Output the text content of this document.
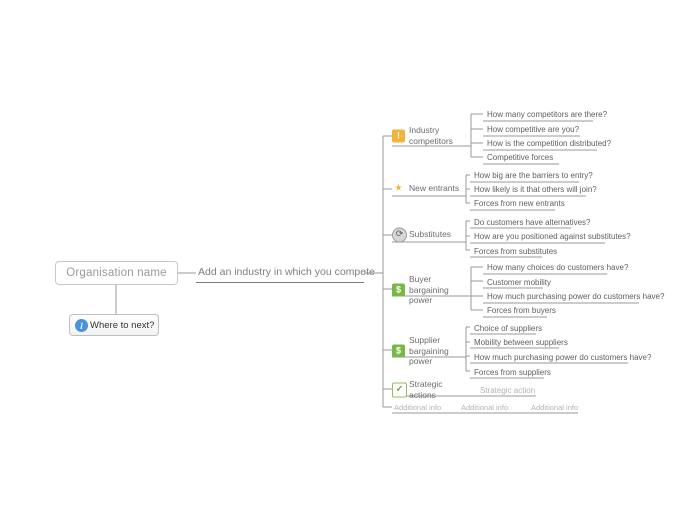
Organisation name	Add an industry in which you compete
i Where to next?
!
Industry competitors
How many competitors are there?
How competitive are you?
How is the competition distributed?
Competitive forces
★ New entrants
How big are the barriers to entry?
How likely is it that others will join?
Forces from new entrants
⟳ Substitutes
Do customers have alternatives?
How are you positioned against substitutes?
Forces from substitutes
$
Buyer bargaining power
How many choices do customers have?
Customer mobility
How much purchasing power do customers have?
Forces from buyers
$
Supplier bargaining power
Choice of suppliers
Mobility between suppliers
How much purchasing power do customers have?
Forces from suppliers
✓ Strategic actions	Strategic action
Additional info	Additional info	Additional info
